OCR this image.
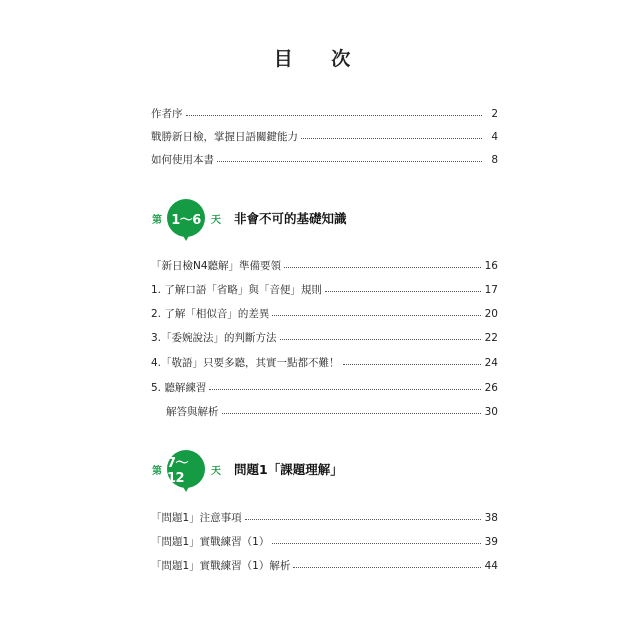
目 次
作者序	2
戰勝新日檢，掌握日語關鍵能力	4
如何使用本書	8
第 1〜6 天 非會不可的基礎知識
「新日檢N4聽解」準備要領	16
1. 了解口語「省略」與「音便」規則	17
2. 了解「相似音」的差異	20
3.「委婉說法」的判斷方法	22
4.「敬語」只要多聽，其實一點都不難！	24
5. 聽解練習	26
解答與解析	30
第
7〜12	天 問題1「課題理解」
「問題1」注意事項	38
「問題1」實戰練習（1）	39
「問題1」實戰練習（1）解析	44
